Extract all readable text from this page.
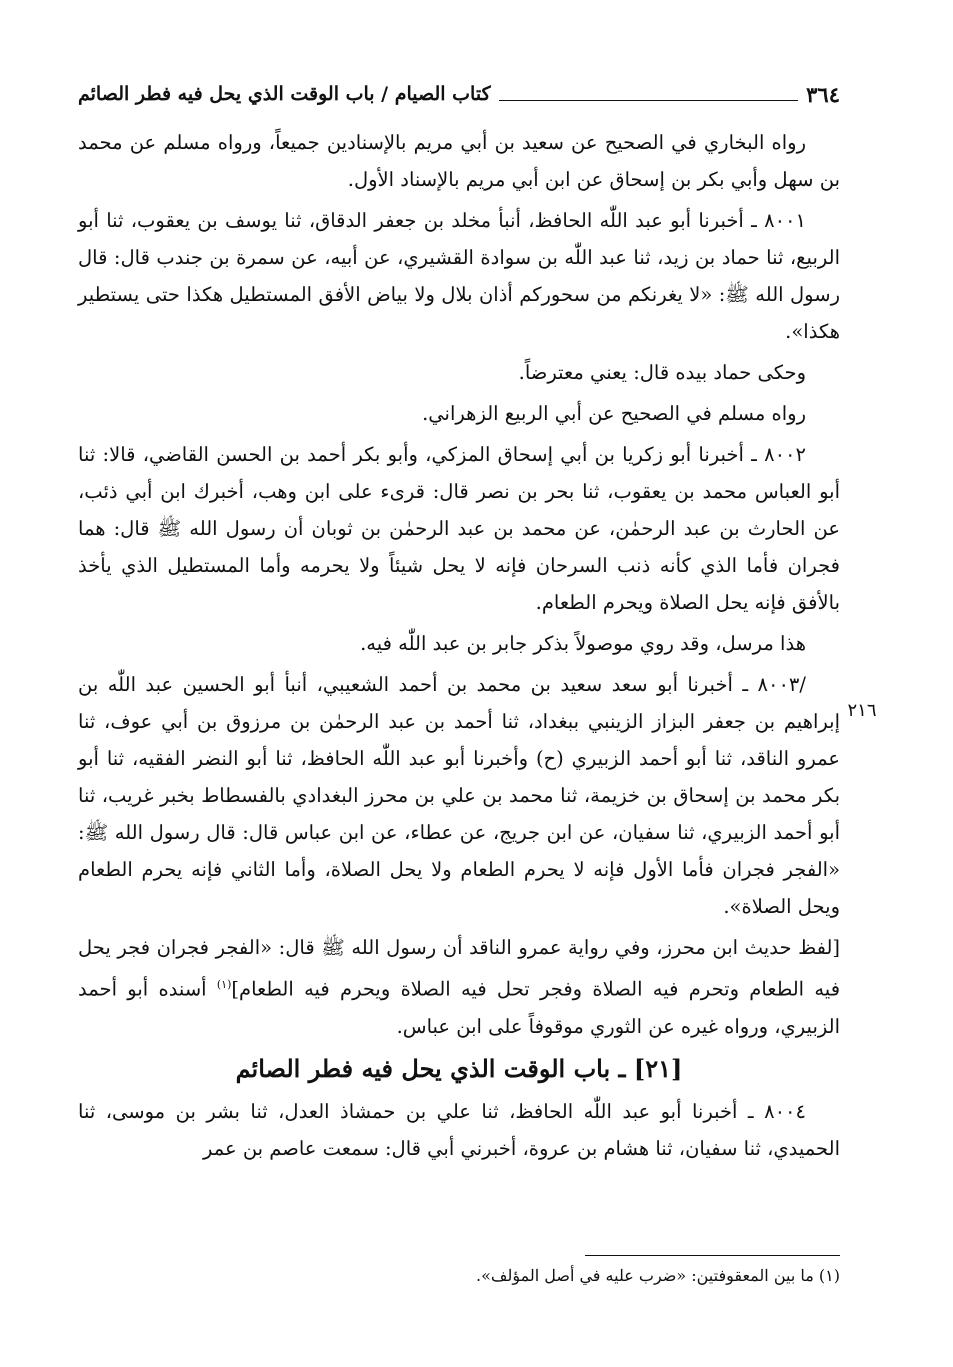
٣٦٤
كتاب الصيام / باب الوقت الذي يحل فيه فطر الصائم
٢١٦

رواه البخاري في الصحيح عن سعيد بن أبي مريم بالإسنادين جميعاً، ورواه مسلم عن محمد بن سهل وأبي بكر بن إسحاق عن ابن أبي مريم بالإسناد الأول.

٨٠٠١ ـ أخبرنا أبو عبد اللّٰه الحافظ، أنبأ مخلد بن جعفر الدقاق، ثنا يوسف بن يعقوب، ثنا أبو الربيع، ثنا حماد بن زيد، ثنا عبد اللّٰه بن سوادة القشيري، عن أبيه، عن سمرة بن جندب قال: قال رسول الله ﷺ: «لا يغرنكم من سحوركم أذان بلال ولا بياض الأفق المستطيل هكذا حتى يستطير هكذا».

وحكى حماد بيده قال: يعني معترضاً.

رواه مسلم في الصحيح عن أبي الربيع الزهراني.

٨٠٠٢ ـ أخبرنا أبو زكريا بن أبي إسحاق المزكي، وأبو بكر أحمد بن الحسن القاضي، قالا: ثنا أبو العباس محمد بن يعقوب، ثنا بحر بن نصر قال: قرىء على ابن وهب، أخبرك ابن أبي ذئب، عن الحارث بن عبد الرحمٰن، عن محمد بن عبد الرحمٰن بن ثوبان أن رسول الله ﷺ قال: هما فجران فأما الذي كأنه ذنب السرحان فإنه لا يحل شيئاً ولا يحرمه وأما المستطيل الذي يأخذ بالأفق فإنه يحل الصلاة ويحرم الطعام.

هذا مرسل، وقد روي موصولاً بذكر جابر بن عبد اللّٰه فيه.

/٨٠٠٣ ـ أخبرنا أبو سعد سعيد بن محمد بن أحمد الشعيبي، أنبأ أبو الحسين عبد اللّٰه بن إبراهيم بن جعفر البزاز الزينبي ببغداد، ثنا أحمد بن عبد الرحمٰن بن مرزوق بن أبي عوف، ثنا عمرو الناقد، ثنا أبو أحمد الزبيري (ح) وأخبرنا أبو عبد اللّٰه الحافظ، ثنا أبو النضر الفقيه، ثنا أبو بكر محمد بن إسحاق بن خزيمة، ثنا محمد بن علي بن محرز البغدادي بالفسطاط بخبر غريب، ثنا أبو أحمد الزبيري، ثنا سفيان، عن ابن جريج، عن عطاء، عن ابن عباس قال: قال رسول الله ﷺ: «الفجر فجران فأما الأول فإنه لا يحرم الطعام ولا يحل الصلاة، وأما الثاني فإنه يحرم الطعام ويحل الصلاة».

[لفظ حديث ابن محرز، وفي رواية عمرو الناقد أن رسول الله ﷺ قال: «الفجر فجران فجر يحل فيه الطعام وتحرم فيه الصلاة وفجر تحل فيه الصلاة ويحرم فيه الطعام]$^{(١)}$ أسنده أبو أحمد الزبيري، ورواه غيره عن الثوري موقوفاً على ابن عباس.

[٢١] ـ باب الوقت الذي يحل فيه فطر الصائم

٨٠٠٤ ـ أخبرنا أبو عبد اللّٰه الحافظ، ثنا علي بن حمشاذ العدل، ثنا بشر بن موسى، ثنا الحميدي، ثنا سفيان، ثنا هشام بن عروة، أخبرني أبي قال: سمعت عاصم بن عمر

(١) ما بين المعقوفتين: «ضرب عليه في أصل المؤلف».
